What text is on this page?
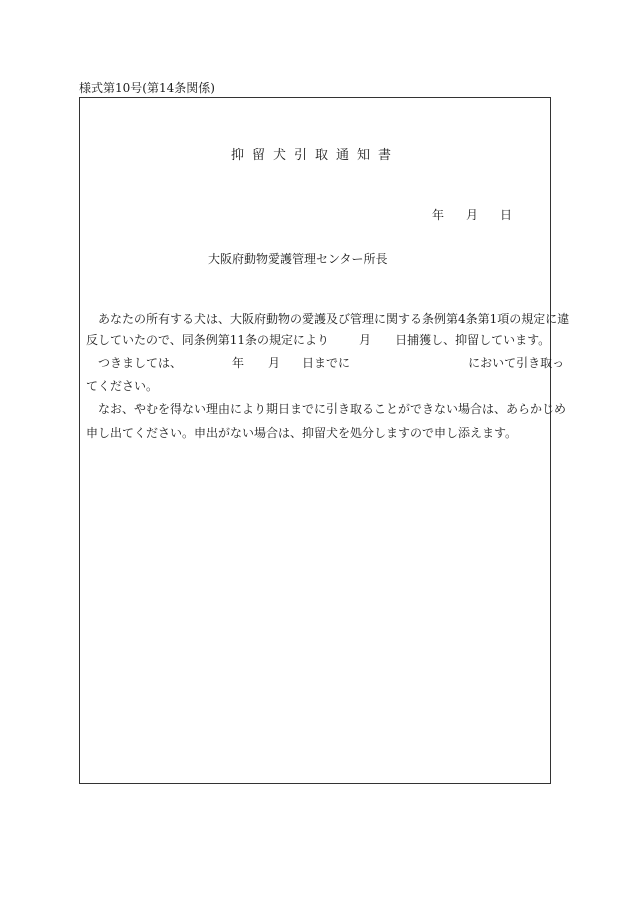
様式第10号(第14条関係)
抑留犬引取通知書
年 月 日
大阪府動物愛護管理センター所長
あなたの所有する犬は、大阪府動物の愛護及び管理に関する条例第4条第1項の規定に違
反していたので、同条例第11条の規定により	月 日捕獲し、抑留しています。
つきましては、	年 月 日までに	において引き取っ
てください。
なお、やむを得ない理由により期日までに引き取ることができない場合は、あらかじめ
申し出てください。申出がない場合は、抑留犬を処分しますので申し添えます。
